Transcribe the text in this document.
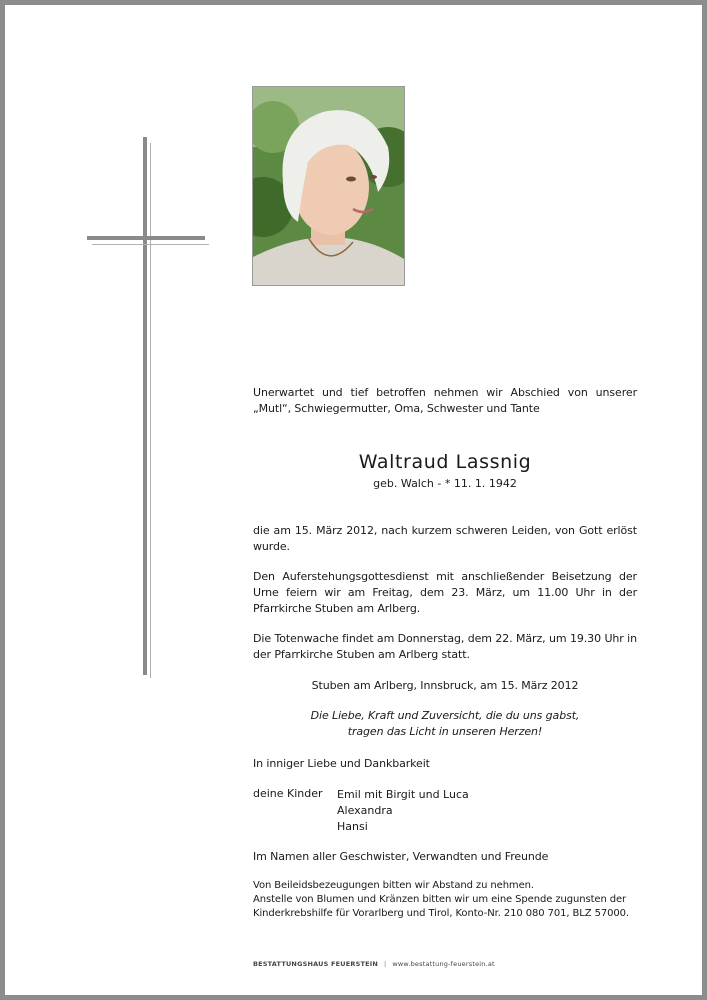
Unerwartet und tief betroffen nehmen wir Abschied von unserer „Mutl“, Schwiegermutter, Oma, Schwester und Tante
Waltraud Lassnig
geb. Walch - * 11. 1. 1942
die am 15. März 2012, nach kurzem schweren Leiden, von Gott erlöst wurde.
Den Auferstehungsgottesdienst mit anschließender Beisetzung der Urne feiern wir am Freitag, dem 23. März, um 11.00 Uhr in der Pfarrkirche Stuben am Arlberg.
Die Totenwache findet am Donnerstag, dem 22. März, um 19.30 Uhr in der Pfarrkirche Stuben am Arlberg statt.
Stuben am Arlberg, Innsbruck, am 15. März 2012
Die Liebe, Kraft und Zuversicht, die du uns gabst,
tragen das Licht in unseren Herzen!
In inniger Liebe und Dankbarkeit
deine Kinder Emil mit Birgit und Luca
Alexandra
Hansi
Im Namen aller Geschwister, Verwandten und Freunde
Von Beileidsbezeugungen bitten wir Abstand zu nehmen.
Anstelle von Blumen und Kränzen bitten wir um eine Spende zugunsten der Kinderkrebshilfe für Vorarlberg und Tirol, Konto-Nr. 210 080 701, BLZ 57000.
BESTATTUNGSHAUS FEUERSTEIN | www.bestattung-feuerstein.at
